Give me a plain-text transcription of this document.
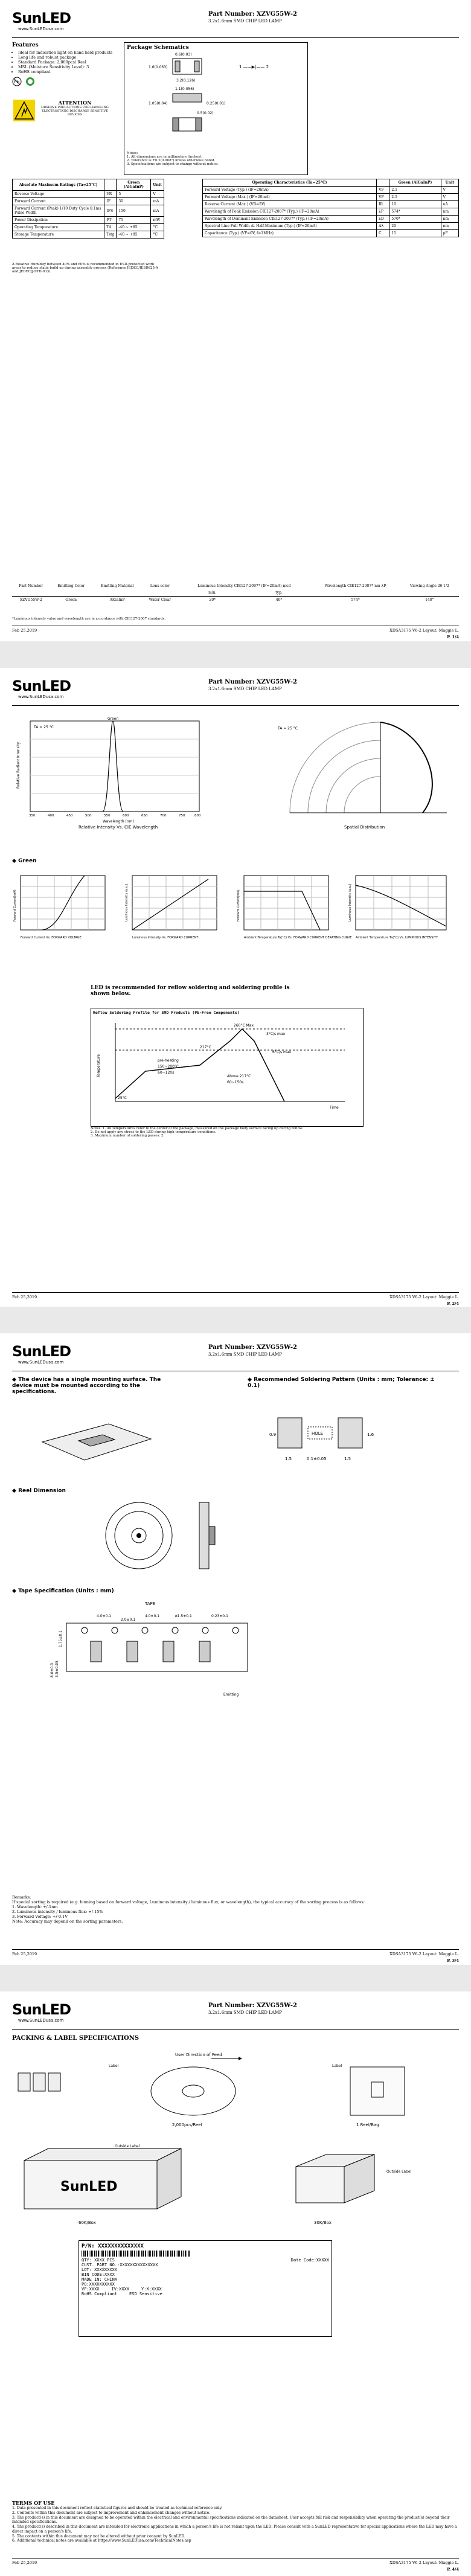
SunLED
www.SunLEDusa.com
Part Number: XZVG55W-2
3.2x1.6mm SMD CHIP LED LAMP
Features
• Ideal for indication light on hand held products
• Long life and robust package
• Standard Package: 2,000pcs/ Reel
• MSL (Moisture Sensitivity Level): 3
• RoHS compliant
Pb
ATTENTION
OBSERVE PRECAUTIONS FOR HANDLING ELECTROSTATIC DISCHARGE SENSITIVE DEVICES
Package Schematics
0.6(0.03)
1.6(0.063)
3.2(0.126)
1 ——▶|—— 2
1.1(0.056)
1.05(0.04)	0.25(0.01)
0.5(0.02)
Notes:
1. All dimensions are in millimeters (inches).
2. Tolerance is ±0.2(0.008") unless otherwise noted.
3. Specifications are subject to change without notice.
Absolute Maximum Ratings (Ta=25°C)		Green (AlGaInP)	Unit
Reverse Voltage	VR	5	V
Forward Current	IF	30	mA
Forward Current (Peak) 1/10 Duty Cycle 0.1ms Pulse Width	IFS	150	mA
Power Dissipation	PT	75	mW
Operating Temperature	TA	-40 ~ +85	°C
Storage Temperature	Tstg	-40 ~ +85	°C
A Relative Humidity between 40% and 60% is recommended in ESD-protected work areas to reduce static build up during assembly process (Reference JEDEC/JESD625-A and JEDEC/J-STD-033)
Operating Characteristics (Ta=25°C)		Green (AlGaInP)	Unit
Forward Voltage (Typ.) (IF=20mA)	VF	2.1	V
Forward Voltage (Max.) (IF=20mA)	VF	2.5	V
Reverse Current (Max.) (VR=5V)	IR	10	uA
Wavelength of Peak Emission CIE127-2007* (Typ.) (IF=20mA)	λP	574*	nm
Wavelength of Dominant Emission CIE127-2007* (Typ.) (IF=20mA)	λD	570*	nm
Spectral Line Full Width At Half-Maximum (Typ.) (IF=20mA)	Δλ	20	nm
Capacitance (Typ.) (VF=0V, f=1MHz)	C	15	pF
Part Number	Emitting Color	Emitting Material	Lens-color	Luminous Intensity CIE127-2007* (IF=20mA) mcd		Wavelength CIE127-2007* nm λP	Viewing Angle 2θ 1/2
				min.	typ.		
XZVG55W-2	Green	AlGaInP	Water Clear	20*	40*	574*	140°
*Luminous intensity value and wavelength are in accordance with CIE127-2007 standards.
Feb 25,2019	XDSA3175 V6-2 Layout: Maggie L.
P. 1/4
SunLED
www.SunLEDusa.com
Part Number: XZVG55W-2
3.2x1.6mm SMD CHIP LED LAMP
Green
TA = 25 °C
Relative Radiant Intensity
350	400	450	500	550	600	650	700	750	800
Wavelength (nm)
Relative Intensity Vs. CIE Wavelength
TA = 25 °C
Spatial Distribution
◆ Green
Forward Current(mA)
Forward Current Vs. FORWARD VOLTAGE
Luminous Intensity (a.u.)
Luminous Intensity Vs. FORWARD CURRENT
Forward Current(mA)
Ambient Temperature Ta(°C) Vs. FORWARD CURRENT DERATING CURVE
Luminous Intensity (a.u.)
Ambient Temperature Ta(°C) Vs. LUMINOUS INTENSITY
LED is recommended for reflow soldering and soldering profile is shown below.
Reflow Soldering Profile for SMD Products (Pb-Free Components)
260°C Max
3°C/s max
217°C
6°C/s max
pre-heating
150~200°C
60~120s
Above 217°C
60~150s
25°C
Time
Temperature
Notes: 1. All temperatures refer to the center of the package, measured on the package body surface facing up during reflow.
2. Do not apply any stress to the LED during high temperature conditions.
3. Maximum number of soldering passes: 2
Feb 25,2019	XDSA3175 V6-2 Layout: Maggie L.
P. 2/4
SunLED
www.SunLEDusa.com
Part Number: XZVG55W-2
3.2x1.6mm SMD CHIP LED LAMP
◆ The device has a single mounting surface. The device must be mounted according to the specifications.
◆ Recommended Soldering Pattern (Units : mm; Tolerance: ± 0.1)
HOLE
1.5	0.1±0.05	1.5
0.9	1.6
◆ Reel Dimension
◆ Tape Specification (Units : mm)
TAPE
4.0±0.1
2.0±0.1
4.0±0.1	ø1.5±0.1	0.23±0.1
1.75±0.1
8.0±0.3 3.5±0.05
Emitting
Remarks:
If special sorting is required (e.g. binning based on forward voltage, Luminous intensity / luminous flux, or wavelength), the typical accuracy of the sorting process is as follows:
1. Wavelength: +/-1nm
2. Luminous intensity / luminous flux: +/-15%
3. Forward Voltage: +/-0.1V
Note: Accuracy may depend on the sorting parameters.
Feb 25,2019	XDSA3175 V6-2 Layout: Maggie L.
P. 3/4
SunLED
www.SunLEDusa.com
Part Number: XZVG55W-2
3.2x1.6mm SMD CHIP LED LAMP
PACKING & LABEL SPECIFICATIONS
Label
User Direction of Feed
2,000pcs/Reel
Label
1 Reel/Bag
SunLED
Outside Label
60K/Box
Outside Label
30K/Box
P/N: XXXXXXXXXXXXXX
QTY: XXXX PCS	Date Code:XXXXX
CUST. PART NO.:XXXXXXXXXXXXXXX
LOT: XXXXXXXXX
BIN CODE:XXXX
MADE IN: CHINA
PO:XXXXXXXXXX
VF:XXXX	IV:XXXX	Y:X:XXXX
RoHS Compliant	ESD Sensitive
TERMS OF USE
1. Data presented in this document reflect statistical figures and should be treated as technical reference only.
2. Contents within this document are subject to improvement and enhancement changes without notice.
3. The product(s) in this document are designed to be operated within the electrical and environmental specifications indicated on the datasheet. User accepts full risk and responsibility when operating the product(s) beyond their intended specifications.
4. The product(s) described in this document are intended for electronic applications in which a person's life is not reliant upon the LED. Please consult with a SunLED representative for special applications where the LED may have a direct impact on a person's life.
5. The contents within this document may not be altered without prior consent by SunLED.
6. Additional technical notes are available at https://www.SunLEDusa.com/TechnicalNotes.asp
Feb 25,2019	XDSA3175 V6-2 Layout: Maggie L.
P. 4/4
